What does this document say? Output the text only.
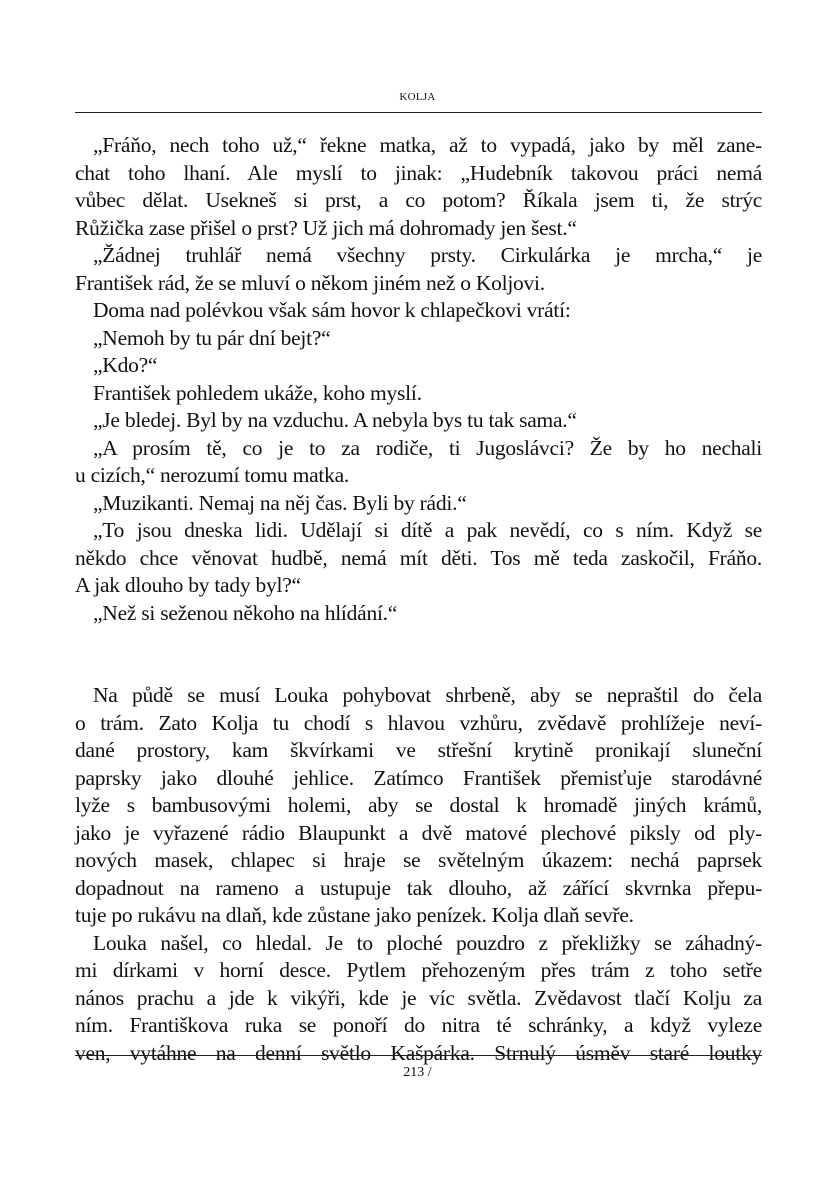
KOLJA
„Fráňo, nech toho už,“ řekne matka, až to vypadá, jako by měl zane-
chat toho lhaní. Ale myslí to jinak: „Hudebník takovou práci nemá
vůbec dělat. Usekneš si prst, a co potom? Říkala jsem ti, že strýc
Růžička zase přišel o prst? Už jich má dohromady jen šest.“
„Žádnej truhlář nemá všechny prsty. Cirkulárka je mrcha,“ je
František rád, že se mluví o někom jiném než o Koljovi.
Doma nad polévkou však sám hovor k chlapečkovi vrátí:
„Nemoh by tu pár dní bejt?“
„Kdo?“
František pohledem ukáže, koho myslí.
„Je bledej. Byl by na vzduchu. A nebyla bys tu tak sama.“
„A prosím tě, co je to za rodiče, ti Jugoslávci? Že by ho nechali
u cizích,“ nerozumí tomu matka.
„Muzikanti. Nemaj na něj čas. Byli by rádi.“
„To jsou dneska lidi. Udělají si dítě a pak nevědí, co s ním. Když se
někdo chce věnovat hudbě, nemá mít děti. Tos mě teda zaskočil, Fráňo.
A jak dlouho by tady byl?“
„Než si seženou někoho na hlídání.“
Na půdě se musí Louka pohybovat shrbeně, aby se nepraštil do čela
o trám. Zato Kolja tu chodí s hlavou vzhůru, zvědavě prohlížeje neví-
dané prostory, kam škvírkami ve střešní krytině pronikají sluneční
paprsky jako dlouhé jehlice. Zatímco František přemisťuje starodávné
lyže s bambusovými holemi, aby se dostal k hromadě jiných krámů,
jako je vyřazené rádio Blaupunkt a dvě matové plechové piksly od ply-
nových masek, chlapec si hraje se světelným úkazem: nechá paprsek
dopadnout na rameno a ustupuje tak dlouho, až zářící skvrnka přepu-
tuje po rukávu na dlaň, kde zůstane jako penízek. Kolja dlaň sevře.
Louka našel, co hledal. Je to ploché pouzdro z překližky se záhadný-
mi dírkami v horní desce. Pytlem přehozeným přes trám z toho setře
nános prachu a jde k vikýři, kde je víc světla. Zvědavost tlačí Kolju za
ním. Františkova ruka se ponoří do nitra té schránky, a když vyleze
ven, vytáhne na denní světlo Kašpárka. Strnulý úsměv staré loutky
213 /
